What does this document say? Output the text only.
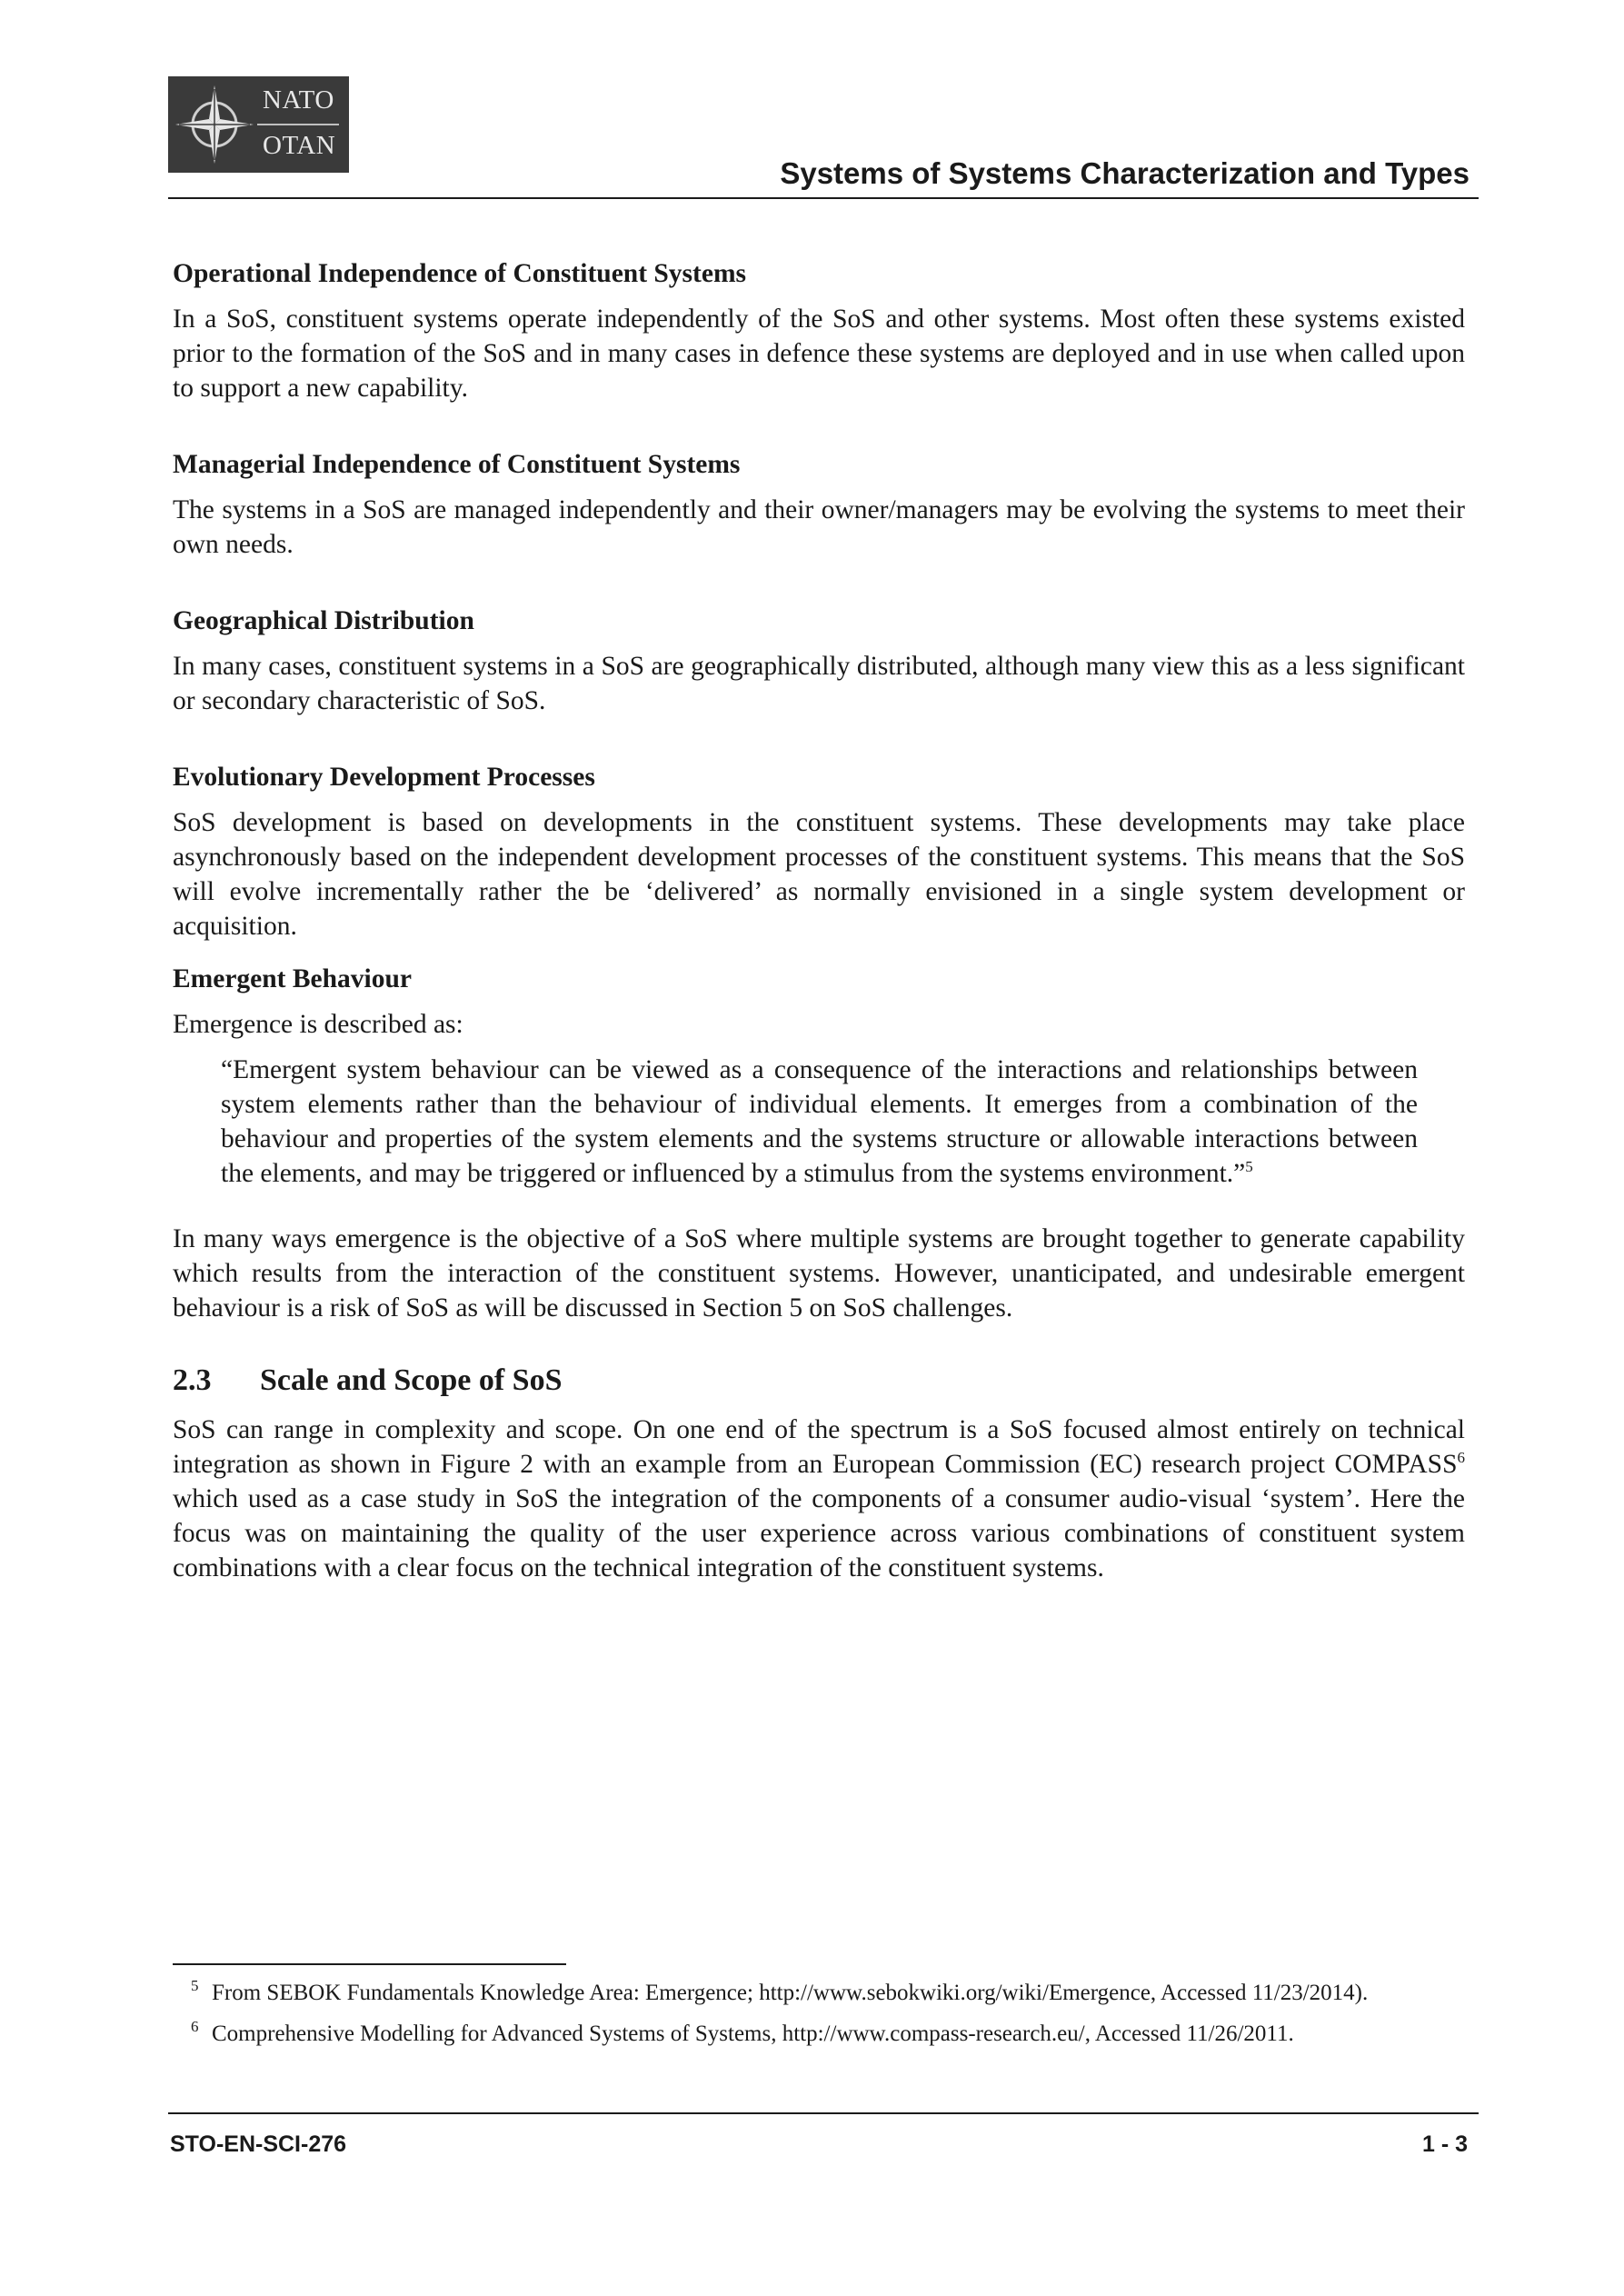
NATO
OTAN
Systems of Systems Characterization and Types
Operational Independence of Constituent Systems

In a SoS, constituent systems operate independently of the SoS and other systems. Most often these systems existed prior to the formation of the SoS and in many cases in defence these systems are deployed and in use when called upon to support a new capability.

Managerial Independence of Constituent Systems

The systems in a SoS are managed independently and their owner/managers may be evolving the systems to meet their own needs.

Geographical Distribution

In many cases, constituent systems in a SoS are geographically distributed, although many view this as a less significant or secondary characteristic of SoS.

Evolutionary Development Processes

SoS development is based on developments in the constituent systems. These developments may take place asynchronously based on the independent development processes of the constituent systems. This means that the SoS will evolve incrementally rather the be ‘delivered’ as normally envisioned in a single system development or acquisition.

Emergent Behaviour

Emergence is described as:

“Emergent system behaviour can be viewed as a consequence of the interactions and relationships between system elements rather than the behaviour of individual elements. It emerges from a combination of the behaviour and properties of the system elements and the systems structure or allowable interactions between the elements, and may be triggered or influenced by a stimulus from the systems environment.”$^5$

In many ways emergence is the objective of a SoS where multiple systems are brought together to generate capability which results from the interaction of the constituent systems. However, unanticipated, and undesirable emergent behaviour is a risk of SoS as will be discussed in Section 5 on SoS challenges.

2.3 Scale and Scope of SoS

SoS can range in complexity and scope. On one end of the spectrum is a SoS focused almost entirely on technical integration as shown in Figure 2 with an example from an European Commission (EC) research project COMPASS$^6$ which used as a case study in SoS the integration of the components of a consumer audio-visual ‘system’. Here the focus was on maintaining the quality of the user experience across various combinations of constituent system combinations with a clear focus on the technical integration of the constituent systems.

5 From SEBOK Fundamentals Knowledge Area: Emergence; http://www.sebokwiki.org/wiki/Emergence, Accessed 11/23/2014).
6 Comprehensive Modelling for Advanced Systems of Systems, http://www.compass-research.eu/, Accessed 11/26/2011.
STO-EN-SCI-276	1 - 3
